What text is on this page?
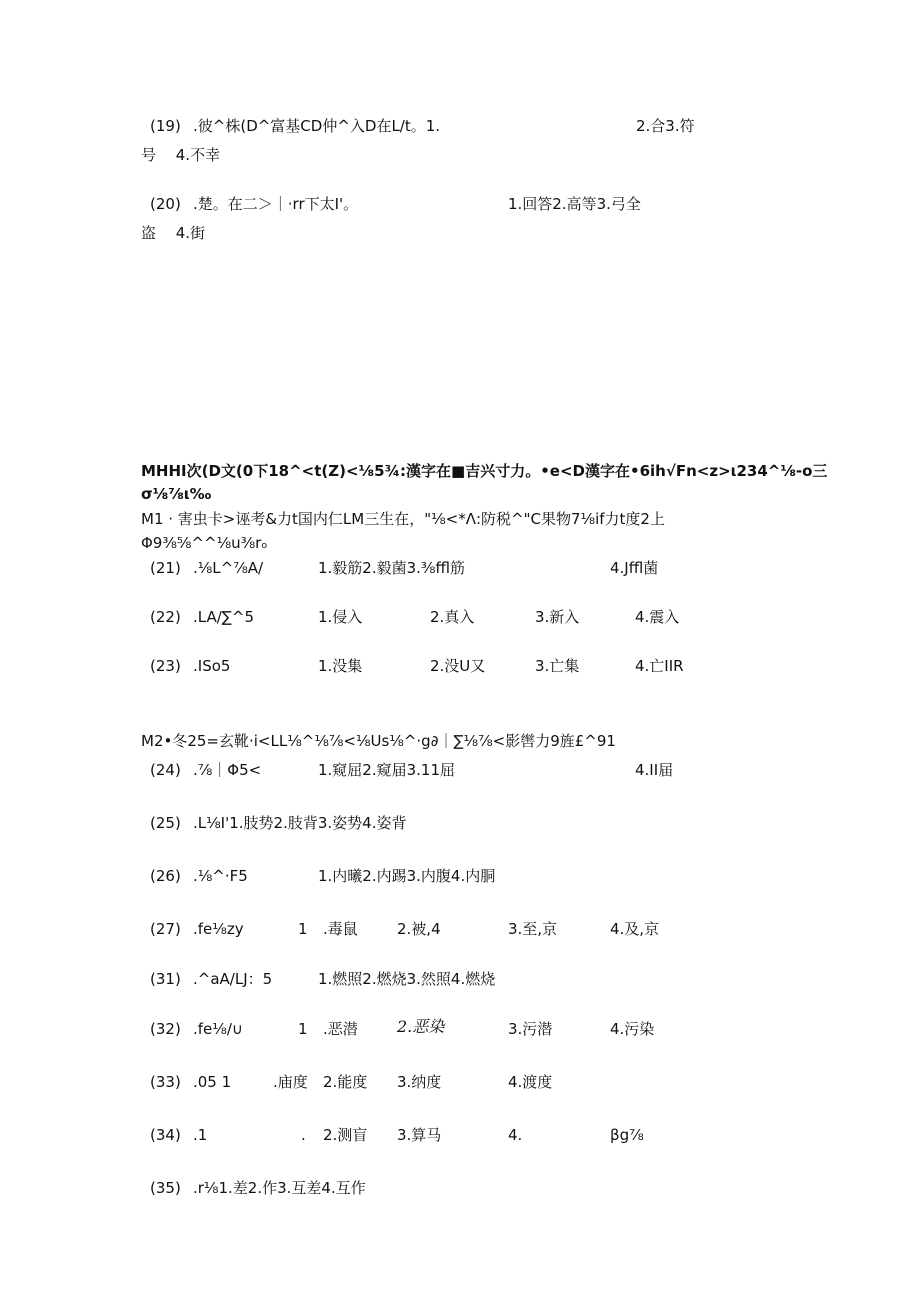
(19) .彼^株(D^富基CD仲^入D在L/t。1.	2.合3.符
号　 4.不幸
(20) .楚。在二＞｜·rr下太I'。	1.回答2.高等3.弓全
盗　 4.街
MHHI次(D文(0下18^<t(Z)<⅛5¾:漢字在■吉兴寸力。•e<D漢字在•6ih√Fn<z>ι234^⅛-o三
σ⅛⅞ι‰
M1 · 害虫卡>诬考&力t国内仁LM三生在，"⅛<*Λ:防税^"C果物7⅛if力t度2上
Φ9⅜⅝^^⅛u⅜rₒ
(21) .⅛L^⅞A/	1.毅筋2.毅菌3.⅜ffl筋	4.Jffl菌
(22) .LA/∑^5	1.侵入	2.真入	3.新入	4.震入
(23) .ISo5	1.没集	2.没U又	3.亡集	4.亡IIR
M2•冬25=玄靴·i<LL⅛^⅛⅞<⅛Us⅛^·g∂｜∑⅛⅞<影辔力9旌£^91
(24) .⅞｜Φ5<	1.窥屈2.窥届3.11屈	4.II届
(25) .L⅛I'1.肢势2.肢背3.姿势4.姿背
(26) .⅛^·F5	1.内曦2.内踢3.内腹4.内胴
(27) .fe⅛zy	1 .毒鼠	2.被,4	3.至,京	4.及,京
(31) .^aA/LJ：5	1.燃照2.燃烧3.然照4.燃烧
(32) .fe⅛∕∪	1 .恶潜 2.恶染	3.污潜	4.污染
(33) .05 1	.庙度 2.能度 3.纳度	4.渡度
(34) .1	. 2.测盲 3.算马	4.	βg⅞
(35) .r⅛1.差2.作3.互差4.互作
